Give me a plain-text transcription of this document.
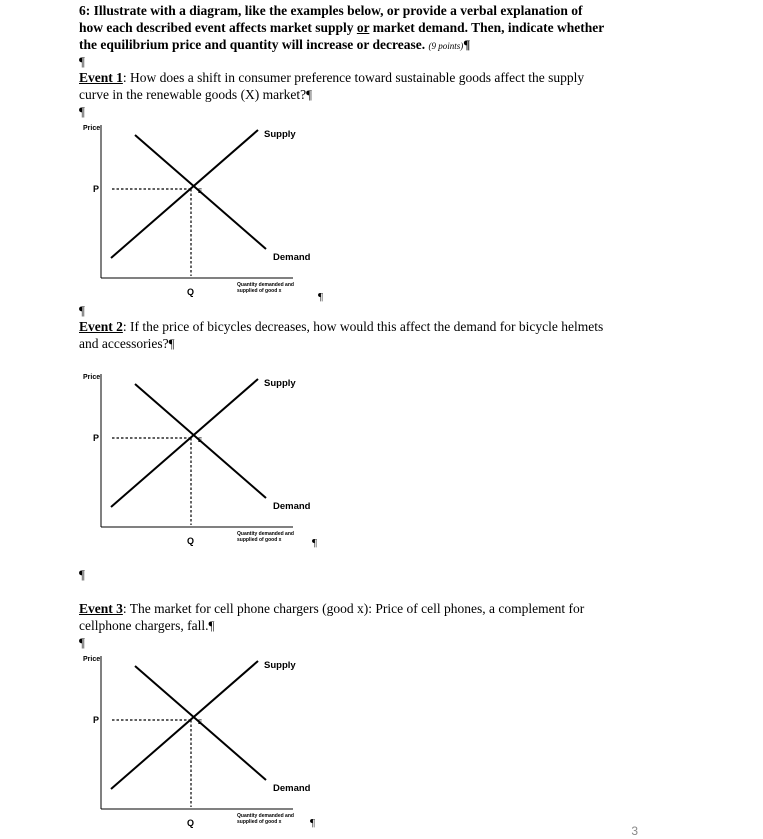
6: Illustrate with a diagram, like the examples below, or provide a verbal explanation of
how each described event affects market supply or market demand. Then, indicate whether
the equilibrium price and quantity will increase or decrease. (9 points)¶
¶
Event 1: How does a shift in consumer preference toward sustainable goods affect the supply
curve in the renewable goods (X) market?¶
¶
Price
Supply
Demand
P
Q
E
Quantity demanded and
supplied of good x	¶
¶
Event 2: If the price of bicycles decreases, how would this affect the demand for bicycle helmets
and accessories?¶
Price
Supply
Demand
P
Q
E
Quantity demanded and
supplied of good x	¶
¶
Event 3: The market for cell phone chargers (good x): Price of cell phones, a complement for
cellphone chargers, fall.¶
¶
Price
Supply
Demand
P
Q
E
Quantity demanded and
supplied of good x	¶
3
